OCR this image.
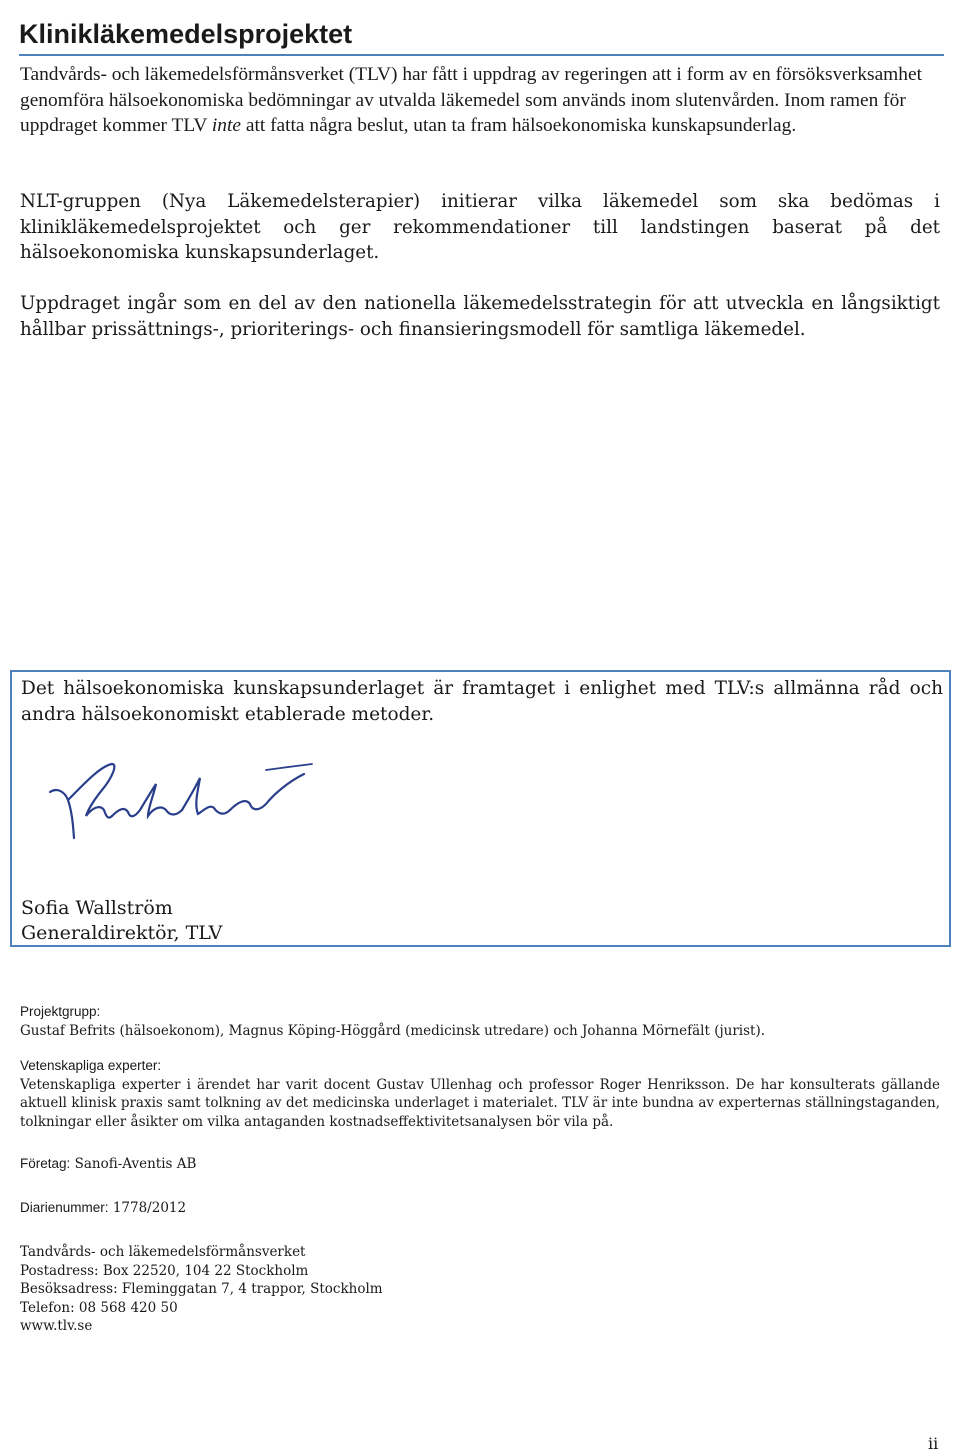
Klinikläkemedelsprojektet

Tandvårds- och läkemedelsförmånsverket (TLV) har fått i uppdrag av regeringen att i form av en försöksverksamhet genomföra hälsoekonomiska bedömningar av utvalda läkemedel som används inom slutenvården. Inom ramen för uppdraget kommer TLV inte att fatta några beslut, utan ta fram hälsoekonomiska kunskapsunderlag.

NLT-gruppen (Nya Läkemedelsterapier) initierar vilka läkemedel som ska bedömas i klinikläkemedelsprojektet och ger rekommendationer till landstingen baserat på det hälsoekonomiska kunskapsunderlaget.

Uppdraget ingår som en del av den nationella läkemedelsstrategin för att utveckla en långsiktigt hållbar prissättnings-, prioriterings- och finansieringsmodell för samtliga läkemedel.

Det hälsoekonomiska kunskapsunderlaget är framtaget i enlighet med TLV:s allmänna råd och andra hälsoekonomiskt etablerade metoder.

Sofia Wallström
Generaldirektör, TLV

Projektgrupp:
Gustaf Befrits (hälsoekonom), Magnus Köping-Höggård (medicinsk utredare) och Johanna Mörnefält (jurist).

Vetenskapliga experter:
Vetenskapliga experter i ärendet har varit docent Gustav Ullenhag och professor Roger Henriksson. De har konsulterats gällande aktuell klinisk praxis samt tolkning av det medicinska underlaget i materialet. TLV är inte bundna av experternas ställningstaganden, tolkningar eller åsikter om vilka antaganden kostnadseffektivitetsanalysen bör vila på.

Företag: Sanofi-Aventis AB

Diarienummer: 1778/2012

Tandvårds- och läkemedelsförmånsverket
Postadress: Box 22520, 104 22 Stockholm
Besöksadress: Fleminggatan 7, 4 trappor, Stockholm
Telefon: 08 568 420 50
www.tlv.se

ii
